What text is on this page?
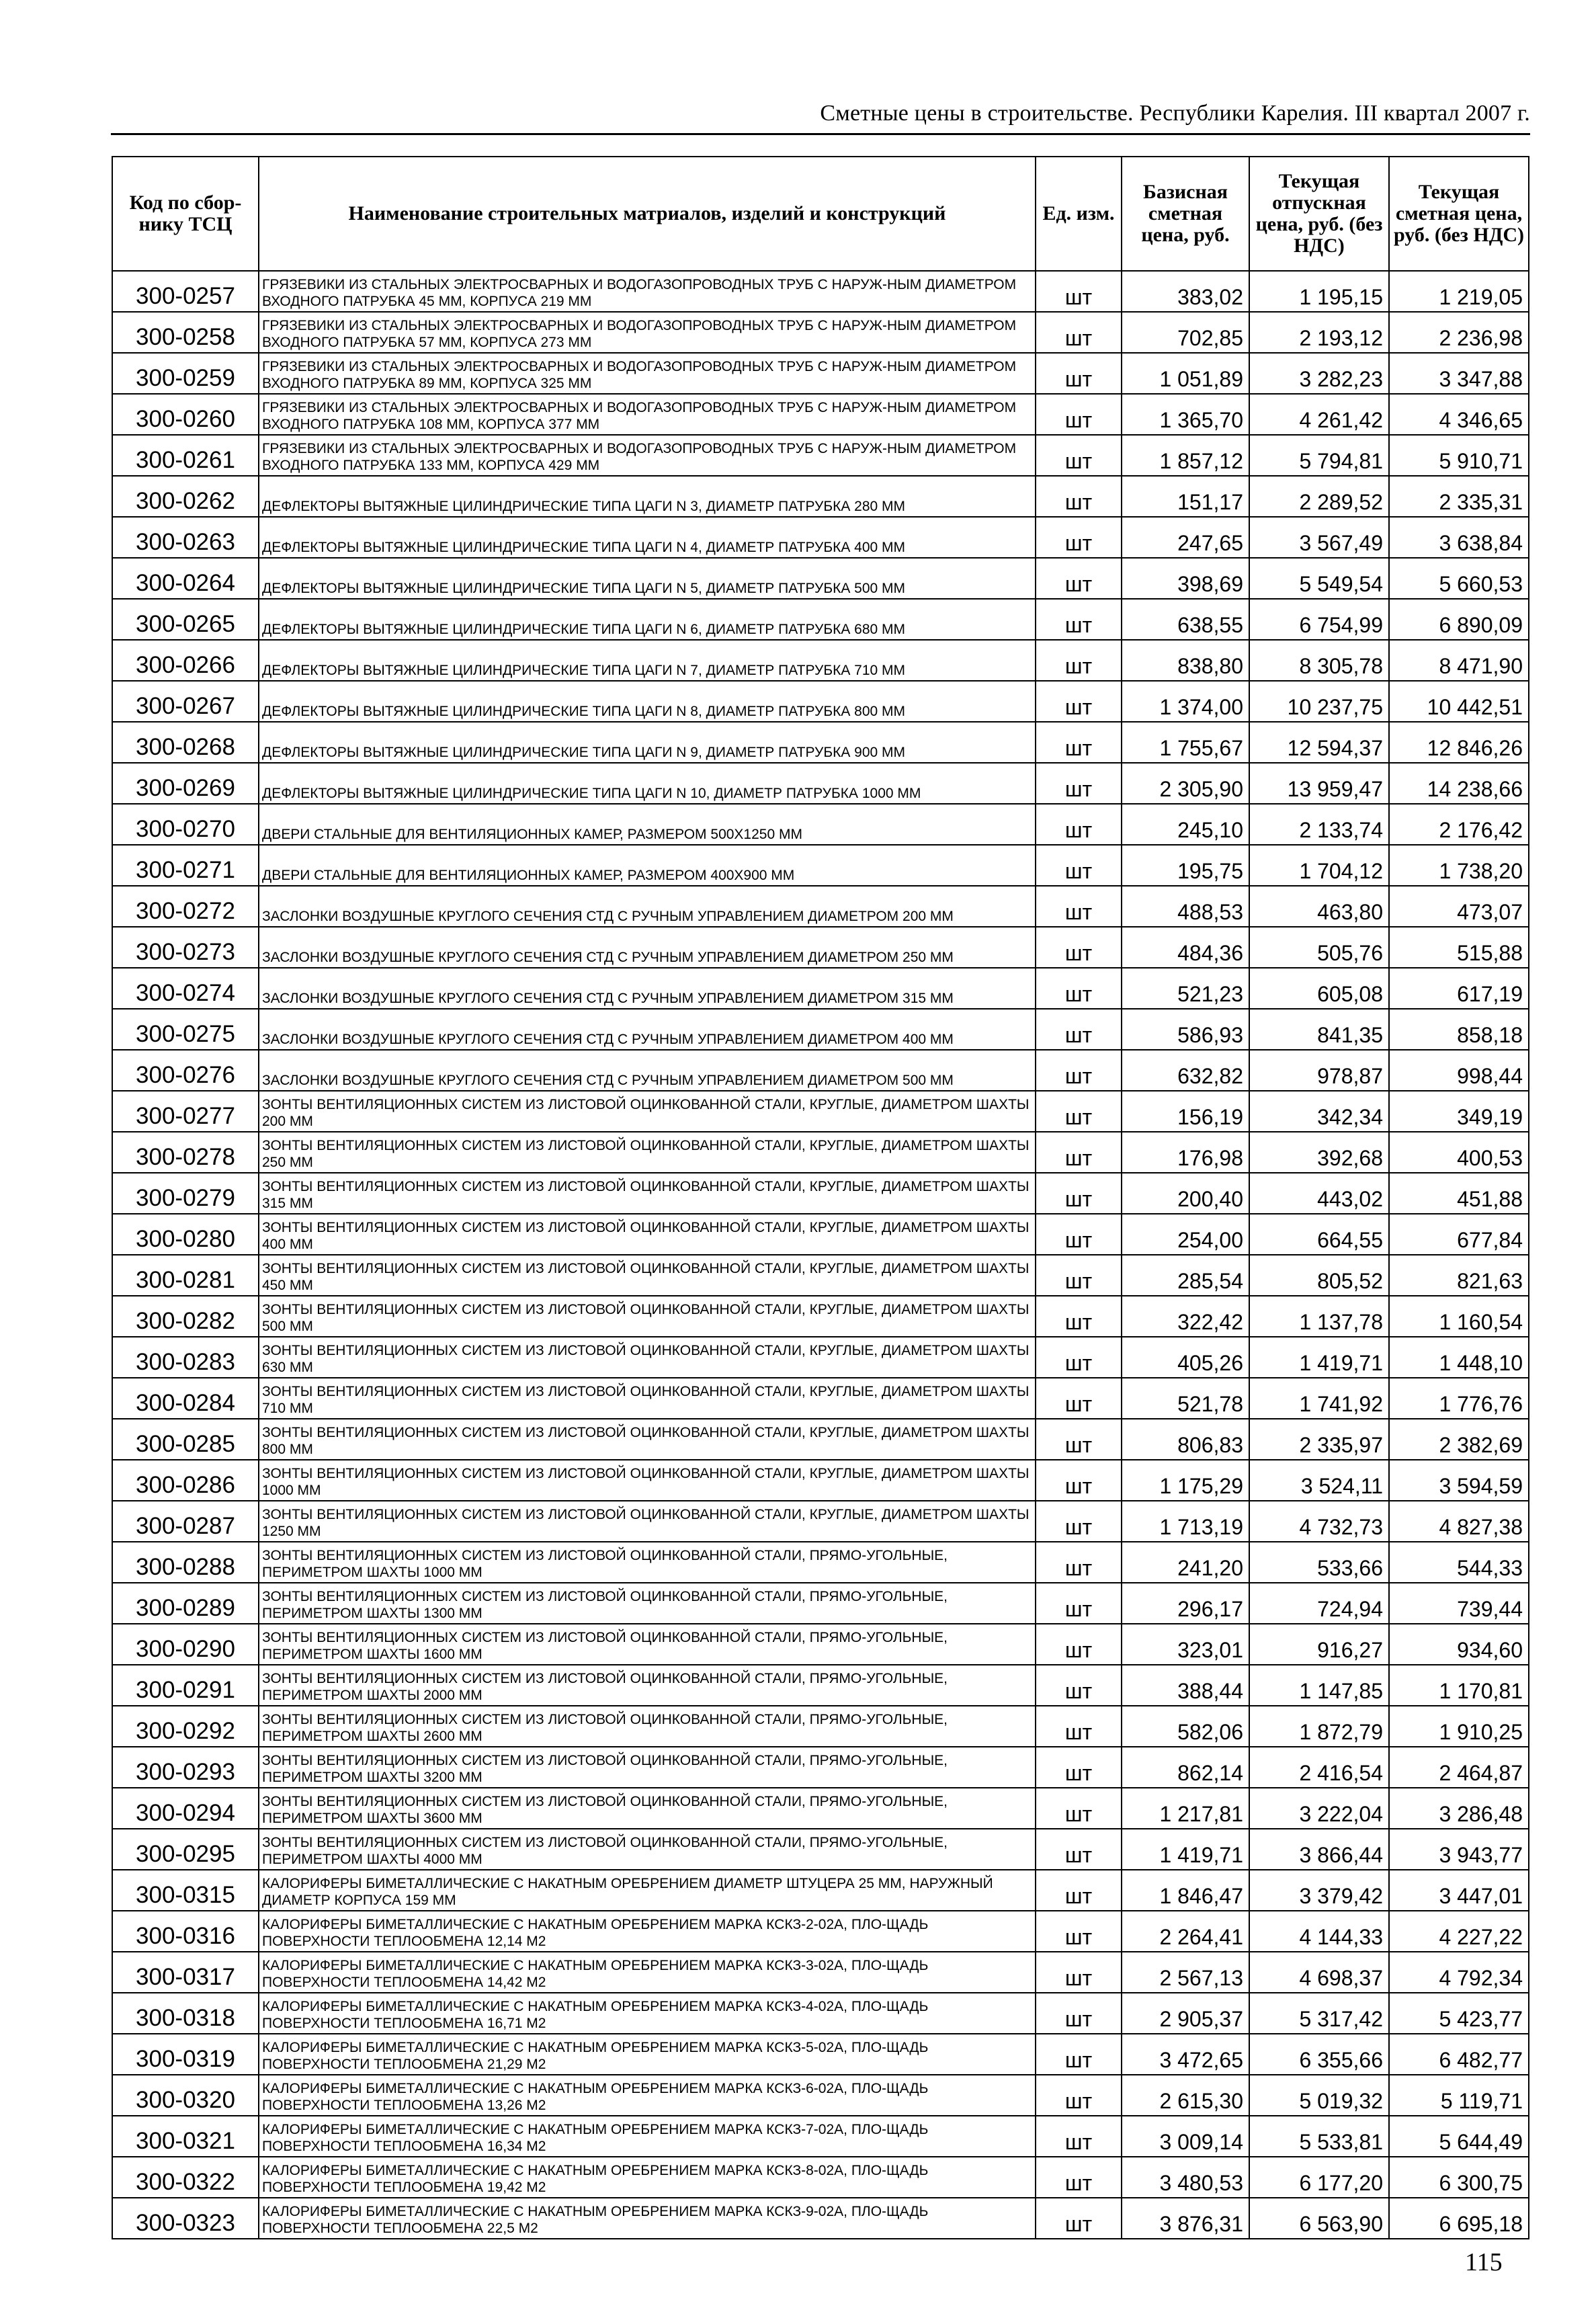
Сметные цены в строительстве. Республики Карелия. III квартал 2007 г.
Код по сбор-нику ТСЦ	Наименование строительных матриалов, изделий и конструкций	Ед. изм.	Базисная сметная цена, руб.	Текущая отпускная цена, руб. (без НДС)	Текущая сметная цена, руб. (без НДС)
300-0257	ГРЯЗЕВИКИ ИЗ СТАЛЬНЫХ ЭЛЕКТРОСВАРНЫХ И ВОДОГАЗОПРОВОДНЫХ ТРУБ С НАРУЖ-НЫМ ДИАМЕТРОМ ВХОДНОГО ПАТРУБКА 45 ММ, КОРПУСА 219 ММ	шт	383,02	1 195,15	1 219,05
300-0258	ГРЯЗЕВИКИ ИЗ СТАЛЬНЫХ ЭЛЕКТРОСВАРНЫХ И ВОДОГАЗОПРОВОДНЫХ ТРУБ С НАРУЖ-НЫМ ДИАМЕТРОМ ВХОДНОГО ПАТРУБКА 57 ММ, КОРПУСА 273 ММ	шт	702,85	2 193,12	2 236,98
300-0259	ГРЯЗЕВИКИ ИЗ СТАЛЬНЫХ ЭЛЕКТРОСВАРНЫХ И ВОДОГАЗОПРОВОДНЫХ ТРУБ С НАРУЖ-НЫМ ДИАМЕТРОМ ВХОДНОГО ПАТРУБКА 89 ММ, КОРПУСА 325 ММ	шт	1 051,89	3 282,23	3 347,88
300-0260	ГРЯЗЕВИКИ ИЗ СТАЛЬНЫХ ЭЛЕКТРОСВАРНЫХ И ВОДОГАЗОПРОВОДНЫХ ТРУБ С НАРУЖ-НЫМ ДИАМЕТРОМ ВХОДНОГО ПАТРУБКА 108 ММ, КОРПУСА 377 ММ	шт	1 365,70	4 261,42	4 346,65
300-0261	ГРЯЗЕВИКИ ИЗ СТАЛЬНЫХ ЭЛЕКТРОСВАРНЫХ И ВОДОГАЗОПРОВОДНЫХ ТРУБ С НАРУЖ-НЫМ ДИАМЕТРОМ ВХОДНОГО ПАТРУБКА 133 ММ, КОРПУСА 429 ММ	шт	1 857,12	5 794,81	5 910,71
300-0262	ДЕФЛЕКТОРЫ ВЫТЯЖНЫЕ ЦИЛИНДРИЧЕСКИЕ ТИПА ЦАГИ N 3, ДИАМЕТР ПАТРУБКА 280 ММ	шт	151,17	2 289,52	2 335,31
300-0263	ДЕФЛЕКТОРЫ ВЫТЯЖНЫЕ ЦИЛИНДРИЧЕСКИЕ ТИПА ЦАГИ N 4, ДИАМЕТР ПАТРУБКА 400 ММ	шт	247,65	3 567,49	3 638,84
300-0264	ДЕФЛЕКТОРЫ ВЫТЯЖНЫЕ ЦИЛИНДРИЧЕСКИЕ ТИПА ЦАГИ N 5, ДИАМЕТР ПАТРУБКА 500 ММ	шт	398,69	5 549,54	5 660,53
300-0265	ДЕФЛЕКТОРЫ ВЫТЯЖНЫЕ ЦИЛИНДРИЧЕСКИЕ ТИПА ЦАГИ N 6, ДИАМЕТР ПАТРУБКА 680 ММ	шт	638,55	6 754,99	6 890,09
300-0266	ДЕФЛЕКТОРЫ ВЫТЯЖНЫЕ ЦИЛИНДРИЧЕСКИЕ ТИПА ЦАГИ N 7, ДИАМЕТР ПАТРУБКА 710 ММ	шт	838,80	8 305,78	8 471,90
300-0267	ДЕФЛЕКТОРЫ ВЫТЯЖНЫЕ ЦИЛИНДРИЧЕСКИЕ ТИПА ЦАГИ N 8, ДИАМЕТР ПАТРУБКА 800 ММ	шт	1 374,00	10 237,75	10 442,51
300-0268	ДЕФЛЕКТОРЫ ВЫТЯЖНЫЕ ЦИЛИНДРИЧЕСКИЕ ТИПА ЦАГИ N 9, ДИАМЕТР ПАТРУБКА 900 ММ	шт	1 755,67	12 594,37	12 846,26
300-0269	ДЕФЛЕКТОРЫ ВЫТЯЖНЫЕ ЦИЛИНДРИЧЕСКИЕ ТИПА ЦАГИ N 10, ДИАМЕТР ПАТРУБКА 1000 ММ	шт	2 305,90	13 959,47	14 238,66
300-0270	ДВЕРИ СТАЛЬНЫЕ ДЛЯ ВЕНТИЛЯЦИОННЫХ КАМЕР, РАЗМЕРОМ 500Х1250 ММ	шт	245,10	2 133,74	2 176,42
300-0271	ДВЕРИ СТАЛЬНЫЕ ДЛЯ ВЕНТИЛЯЦИОННЫХ КАМЕР, РАЗМЕРОМ 400Х900 ММ	шт	195,75	1 704,12	1 738,20
300-0272	ЗАСЛОНКИ ВОЗДУШНЫЕ КРУГЛОГО СЕЧЕНИЯ СТД С РУЧНЫМ УПРАВЛЕНИЕМ ДИАМЕТРОМ 200 ММ	шт	488,53	463,80	473,07
300-0273	ЗАСЛОНКИ ВОЗДУШНЫЕ КРУГЛОГО СЕЧЕНИЯ СТД С РУЧНЫМ УПРАВЛЕНИЕМ ДИАМЕТРОМ 250 ММ	шт	484,36	505,76	515,88
300-0274	ЗАСЛОНКИ ВОЗДУШНЫЕ КРУГЛОГО СЕЧЕНИЯ СТД С РУЧНЫМ УПРАВЛЕНИЕМ ДИАМЕТРОМ 315 ММ	шт	521,23	605,08	617,19
300-0275	ЗАСЛОНКИ ВОЗДУШНЫЕ КРУГЛОГО СЕЧЕНИЯ СТД С РУЧНЫМ УПРАВЛЕНИЕМ ДИАМЕТРОМ 400 ММ	шт	586,93	841,35	858,18
300-0276	ЗАСЛОНКИ ВОЗДУШНЫЕ КРУГЛОГО СЕЧЕНИЯ СТД С РУЧНЫМ УПРАВЛЕНИЕМ ДИАМЕТРОМ 500 ММ	шт	632,82	978,87	998,44
300-0277	ЗОНТЫ ВЕНТИЛЯЦИОННЫХ СИСТЕМ ИЗ ЛИСТОВОЙ ОЦИНКОВАННОЙ СТАЛИ, КРУГЛЫЕ, ДИАМЕТРОМ ШАХТЫ 200 ММ	шт	156,19	342,34	349,19
300-0278	ЗОНТЫ ВЕНТИЛЯЦИОННЫХ СИСТЕМ ИЗ ЛИСТОВОЙ ОЦИНКОВАННОЙ СТАЛИ, КРУГЛЫЕ, ДИАМЕТРОМ ШАХТЫ 250 ММ	шт	176,98	392,68	400,53
300-0279	ЗОНТЫ ВЕНТИЛЯЦИОННЫХ СИСТЕМ ИЗ ЛИСТОВОЙ ОЦИНКОВАННОЙ СТАЛИ, КРУГЛЫЕ, ДИАМЕТРОМ ШАХТЫ 315 ММ	шт	200,40	443,02	451,88
300-0280	ЗОНТЫ ВЕНТИЛЯЦИОННЫХ СИСТЕМ ИЗ ЛИСТОВОЙ ОЦИНКОВАННОЙ СТАЛИ, КРУГЛЫЕ, ДИАМЕТРОМ ШАХТЫ 400 ММ	шт	254,00	664,55	677,84
300-0281	ЗОНТЫ ВЕНТИЛЯЦИОННЫХ СИСТЕМ ИЗ ЛИСТОВОЙ ОЦИНКОВАННОЙ СТАЛИ, КРУГЛЫЕ, ДИАМЕТРОМ ШАХТЫ 450 ММ	шт	285,54	805,52	821,63
300-0282	ЗОНТЫ ВЕНТИЛЯЦИОННЫХ СИСТЕМ ИЗ ЛИСТОВОЙ ОЦИНКОВАННОЙ СТАЛИ, КРУГЛЫЕ, ДИАМЕТРОМ ШАХТЫ 500 ММ	шт	322,42	1 137,78	1 160,54
300-0283	ЗОНТЫ ВЕНТИЛЯЦИОННЫХ СИСТЕМ ИЗ ЛИСТОВОЙ ОЦИНКОВАННОЙ СТАЛИ, КРУГЛЫЕ, ДИАМЕТРОМ ШАХТЫ 630 ММ	шт	405,26	1 419,71	1 448,10
300-0284	ЗОНТЫ ВЕНТИЛЯЦИОННЫХ СИСТЕМ ИЗ ЛИСТОВОЙ ОЦИНКОВАННОЙ СТАЛИ, КРУГЛЫЕ, ДИАМЕТРОМ ШАХТЫ 710 ММ	шт	521,78	1 741,92	1 776,76
300-0285	ЗОНТЫ ВЕНТИЛЯЦИОННЫХ СИСТЕМ ИЗ ЛИСТОВОЙ ОЦИНКОВАННОЙ СТАЛИ, КРУГЛЫЕ, ДИАМЕТРОМ ШАХТЫ 800 ММ	шт	806,83	2 335,97	2 382,69
300-0286	ЗОНТЫ ВЕНТИЛЯЦИОННЫХ СИСТЕМ ИЗ ЛИСТОВОЙ ОЦИНКОВАННОЙ СТАЛИ, КРУГЛЫЕ, ДИАМЕТРОМ ШАХТЫ 1000 ММ	шт	1 175,29	3 524,11	3 594,59
300-0287	ЗОНТЫ ВЕНТИЛЯЦИОННЫХ СИСТЕМ ИЗ ЛИСТОВОЙ ОЦИНКОВАННОЙ СТАЛИ, КРУГЛЫЕ, ДИАМЕТРОМ ШАХТЫ 1250 ММ	шт	1 713,19	4 732,73	4 827,38
300-0288	ЗОНТЫ ВЕНТИЛЯЦИОННЫХ СИСТЕМ ИЗ ЛИСТОВОЙ ОЦИНКОВАННОЙ СТАЛИ, ПРЯМО-УГОЛЬНЫЕ, ПЕРИМЕТРОМ ШАХТЫ 1000 ММ	шт	241,20	533,66	544,33
300-0289	ЗОНТЫ ВЕНТИЛЯЦИОННЫХ СИСТЕМ ИЗ ЛИСТОВОЙ ОЦИНКОВАННОЙ СТАЛИ, ПРЯМО-УГОЛЬНЫЕ, ПЕРИМЕТРОМ ШАХТЫ 1300 ММ	шт	296,17	724,94	739,44
300-0290	ЗОНТЫ ВЕНТИЛЯЦИОННЫХ СИСТЕМ ИЗ ЛИСТОВОЙ ОЦИНКОВАННОЙ СТАЛИ, ПРЯМО-УГОЛЬНЫЕ, ПЕРИМЕТРОМ ШАХТЫ 1600 ММ	шт	323,01	916,27	934,60
300-0291	ЗОНТЫ ВЕНТИЛЯЦИОННЫХ СИСТЕМ ИЗ ЛИСТОВОЙ ОЦИНКОВАННОЙ СТАЛИ, ПРЯМО-УГОЛЬНЫЕ, ПЕРИМЕТРОМ ШАХТЫ 2000 ММ	шт	388,44	1 147,85	1 170,81
300-0292	ЗОНТЫ ВЕНТИЛЯЦИОННЫХ СИСТЕМ ИЗ ЛИСТОВОЙ ОЦИНКОВАННОЙ СТАЛИ, ПРЯМО-УГОЛЬНЫЕ, ПЕРИМЕТРОМ ШАХТЫ 2600 ММ	шт	582,06	1 872,79	1 910,25
300-0293	ЗОНТЫ ВЕНТИЛЯЦИОННЫХ СИСТЕМ ИЗ ЛИСТОВОЙ ОЦИНКОВАННОЙ СТАЛИ, ПРЯМО-УГОЛЬНЫЕ, ПЕРИМЕТРОМ ШАХТЫ 3200 ММ	шт	862,14	2 416,54	2 464,87
300-0294	ЗОНТЫ ВЕНТИЛЯЦИОННЫХ СИСТЕМ ИЗ ЛИСТОВОЙ ОЦИНКОВАННОЙ СТАЛИ, ПРЯМО-УГОЛЬНЫЕ, ПЕРИМЕТРОМ ШАХТЫ 3600 ММ	шт	1 217,81	3 222,04	3 286,48
300-0295	ЗОНТЫ ВЕНТИЛЯЦИОННЫХ СИСТЕМ ИЗ ЛИСТОВОЙ ОЦИНКОВАННОЙ СТАЛИ, ПРЯМО-УГОЛЬНЫЕ, ПЕРИМЕТРОМ ШАХТЫ 4000 ММ	шт	1 419,71	3 866,44	3 943,77
300-0315	КАЛОРИФЕРЫ БИМЕТАЛЛИЧЕСКИЕ С НАКАТНЫМ ОРЕБРЕНИЕМ ДИАМЕТР ШТУЦЕРА 25 ММ, НАРУЖНЫЙ ДИАМЕТР КОРПУСА 159 ММ	шт	1 846,47	3 379,42	3 447,01
300-0316	КАЛОРИФЕРЫ БИМЕТАЛЛИЧЕСКИЕ С НАКАТНЫМ ОРЕБРЕНИЕМ МАРКА КСКЗ-2-02А, ПЛО-ЩАДЬ ПОВЕРХНОСТИ ТЕПЛООБМЕНА 12,14 М2	шт	2 264,41	4 144,33	4 227,22
300-0317	КАЛОРИФЕРЫ БИМЕТАЛЛИЧЕСКИЕ С НАКАТНЫМ ОРЕБРЕНИЕМ МАРКА КСКЗ-3-02А, ПЛО-ЩАДЬ ПОВЕРХНОСТИ ТЕПЛООБМЕНА 14,42 М2	шт	2 567,13	4 698,37	4 792,34
300-0318	КАЛОРИФЕРЫ БИМЕТАЛЛИЧЕСКИЕ С НАКАТНЫМ ОРЕБРЕНИЕМ МАРКА КСКЗ-4-02А, ПЛО-ЩАДЬ ПОВЕРХНОСТИ ТЕПЛООБМЕНА 16,71 М2	шт	2 905,37	5 317,42	5 423,77
300-0319	КАЛОРИФЕРЫ БИМЕТАЛЛИЧЕСКИЕ С НАКАТНЫМ ОРЕБРЕНИЕМ МАРКА КСКЗ-5-02А, ПЛО-ЩАДЬ ПОВЕРХНОСТИ ТЕПЛООБМЕНА 21,29 М2	шт	3 472,65	6 355,66	6 482,77
300-0320	КАЛОРИФЕРЫ БИМЕТАЛЛИЧЕСКИЕ С НАКАТНЫМ ОРЕБРЕНИЕМ МАРКА КСКЗ-6-02А, ПЛО-ЩАДЬ ПОВЕРХНОСТИ ТЕПЛООБМЕНА 13,26 М2	шт	2 615,30	5 019,32	5 119,71
300-0321	КАЛОРИФЕРЫ БИМЕТАЛЛИЧЕСКИЕ С НАКАТНЫМ ОРЕБРЕНИЕМ МАРКА КСКЗ-7-02А, ПЛО-ЩАДЬ ПОВЕРХНОСТИ ТЕПЛООБМЕНА 16,34 М2	шт	3 009,14	5 533,81	5 644,49
300-0322	КАЛОРИФЕРЫ БИМЕТАЛЛИЧЕСКИЕ С НАКАТНЫМ ОРЕБРЕНИЕМ МАРКА КСКЗ-8-02А, ПЛО-ЩАДЬ ПОВЕРХНОСТИ ТЕПЛООБМЕНА 19,42 М2	шт	3 480,53	6 177,20	6 300,75
300-0323	КАЛОРИФЕРЫ БИМЕТАЛЛИЧЕСКИЕ С НАКАТНЫМ ОРЕБРЕНИЕМ МАРКА КСКЗ-9-02А, ПЛО-ЩАДЬ ПОВЕРХНОСТИ ТЕПЛООБМЕНА 22,5 М2	шт	3 876,31	6 563,90	6 695,18
115
